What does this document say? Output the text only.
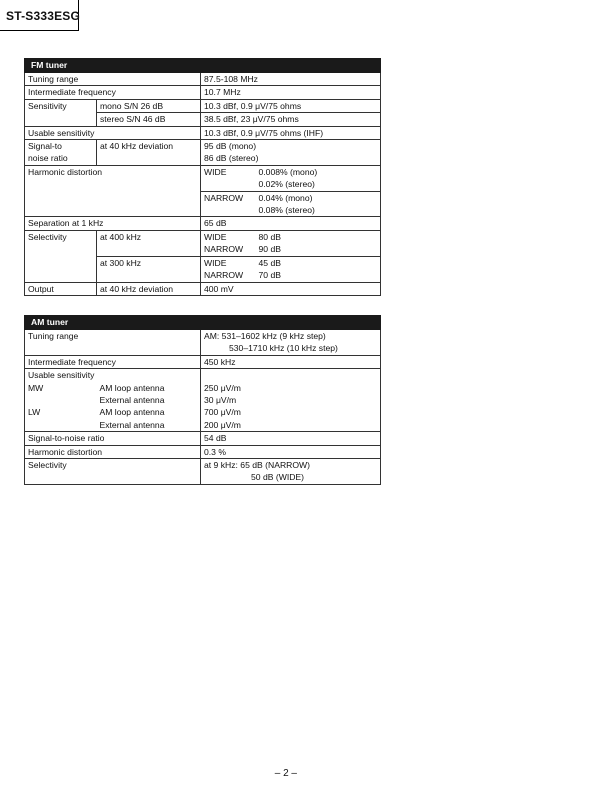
ST-S333ESG
FM tuner			
Tuning range		87.5-108 MHz	
Intermediate frequency		10.7 MHz	
Sensitivity	mono S/N 26 dB	10.3 dBf, 0.9 μV/75 ohms	
	stereo S/N 46 dB	38.5 dBf, 23 μV/75 ohms	
Usable sensitivity		10.3 dBf, 0.9 μV/75 ohms (IHF)	
Signal-to	at 40 kHz deviation	95 dB (mono)	
noise ratio		86 dB (stereo)	
Harmonic distortion		WIDE	0.008% (mono)
			0.02% (stereo)
		NARROW	0.04% (mono)
			0.08% (stereo)
Separation at 1 kHz		65 dB	
Selectivity	at 400 kHz	WIDE	80 dB
		NARROW	90 dB
	at 300 kHz	WIDE	45 dB
		NARROW	70 dB
Output	at 40 kHz deviation	400 mV	
AM tuner		
Tuning range		AM: 531–1602 kHz (9 kHz step)
		530–1710 kHz (10 kHz step)
Intermediate frequency		450 kHz
Usable sensitivity		
MW	AM loop antenna	250 μV/m
	External antenna	30 μV/m
LW	AM loop antenna	700 μV/m
	External antenna	200 μV/m
Signal-to-noise ratio		54 dB
Harmonic distortion		0.3 %
Selectivity		at 9 kHz: 65 dB (NARROW)
		50 dB (WIDE)
– 2 –
